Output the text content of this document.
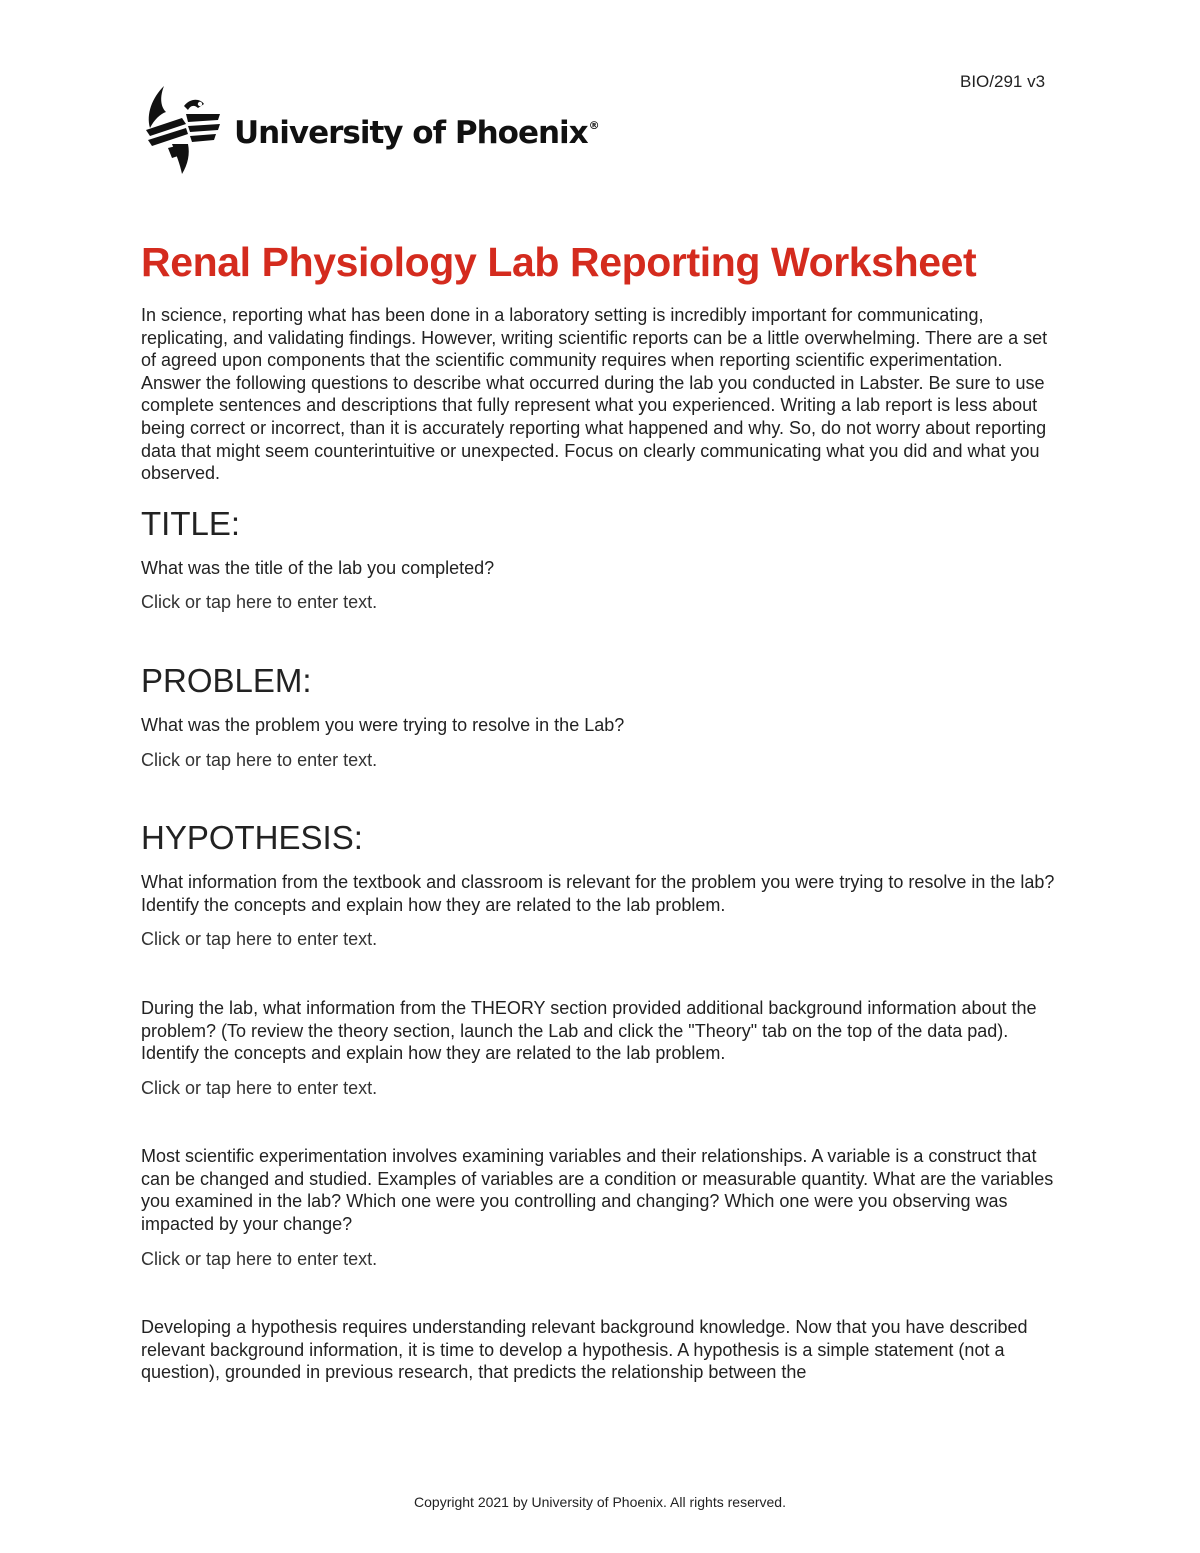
BIO/291 v3
University of Phoenix®
Renal Physiology Lab Reporting Worksheet

In science, reporting what has been done in a laboratory setting is incredibly important for communicating, replicating, and validating findings. However, writing scientific reports can be a little overwhelming. There are a set of agreed upon components that the scientific community requires when reporting scientific experimentation. Answer the following questions to describe what occurred during the lab you conducted in Labster. Be sure to use complete sentences and descriptions that fully represent what you experienced. Writing a lab report is less about being correct or incorrect, than it is accurately reporting what happened and why. So, do not worry about reporting data that might seem counterintuitive or unexpected. Focus on clearly communicating what you did and what you observed.

TITLE:

What was the title of the lab you completed?

Click or tap here to enter text.

PROBLEM:

What was the problem you were trying to resolve in the Lab?

Click or tap here to enter text.

HYPOTHESIS:

What information from the textbook and classroom is relevant for the problem you were trying to resolve in the lab? Identify the concepts and explain how they are related to the lab problem.

Click or tap here to enter text.

During the lab, what information from the THEORY section provided additional background information about the problem? (To review the theory section, launch the Lab and click the "Theory" tab on the top of the data pad). Identify the concepts and explain how they are related to the lab problem.

Click or tap here to enter text.

Most scientific experimentation involves examining variables and their relationships. A variable is a construct that can be changed and studied. Examples of variables are a condition or measurable quantity. What are the variables you examined in the lab? Which one were you controlling and changing? Which one were you observing was impacted by your change?

Click or tap here to enter text.

Developing a hypothesis requires understanding relevant background knowledge. Now that you have described relevant background information, it is time to develop a hypothesis. A hypothesis is a simple statement (not a question), grounded in previous research, that predicts the relationship between the

Copyright 2021 by University of Phoenix. All rights reserved.
